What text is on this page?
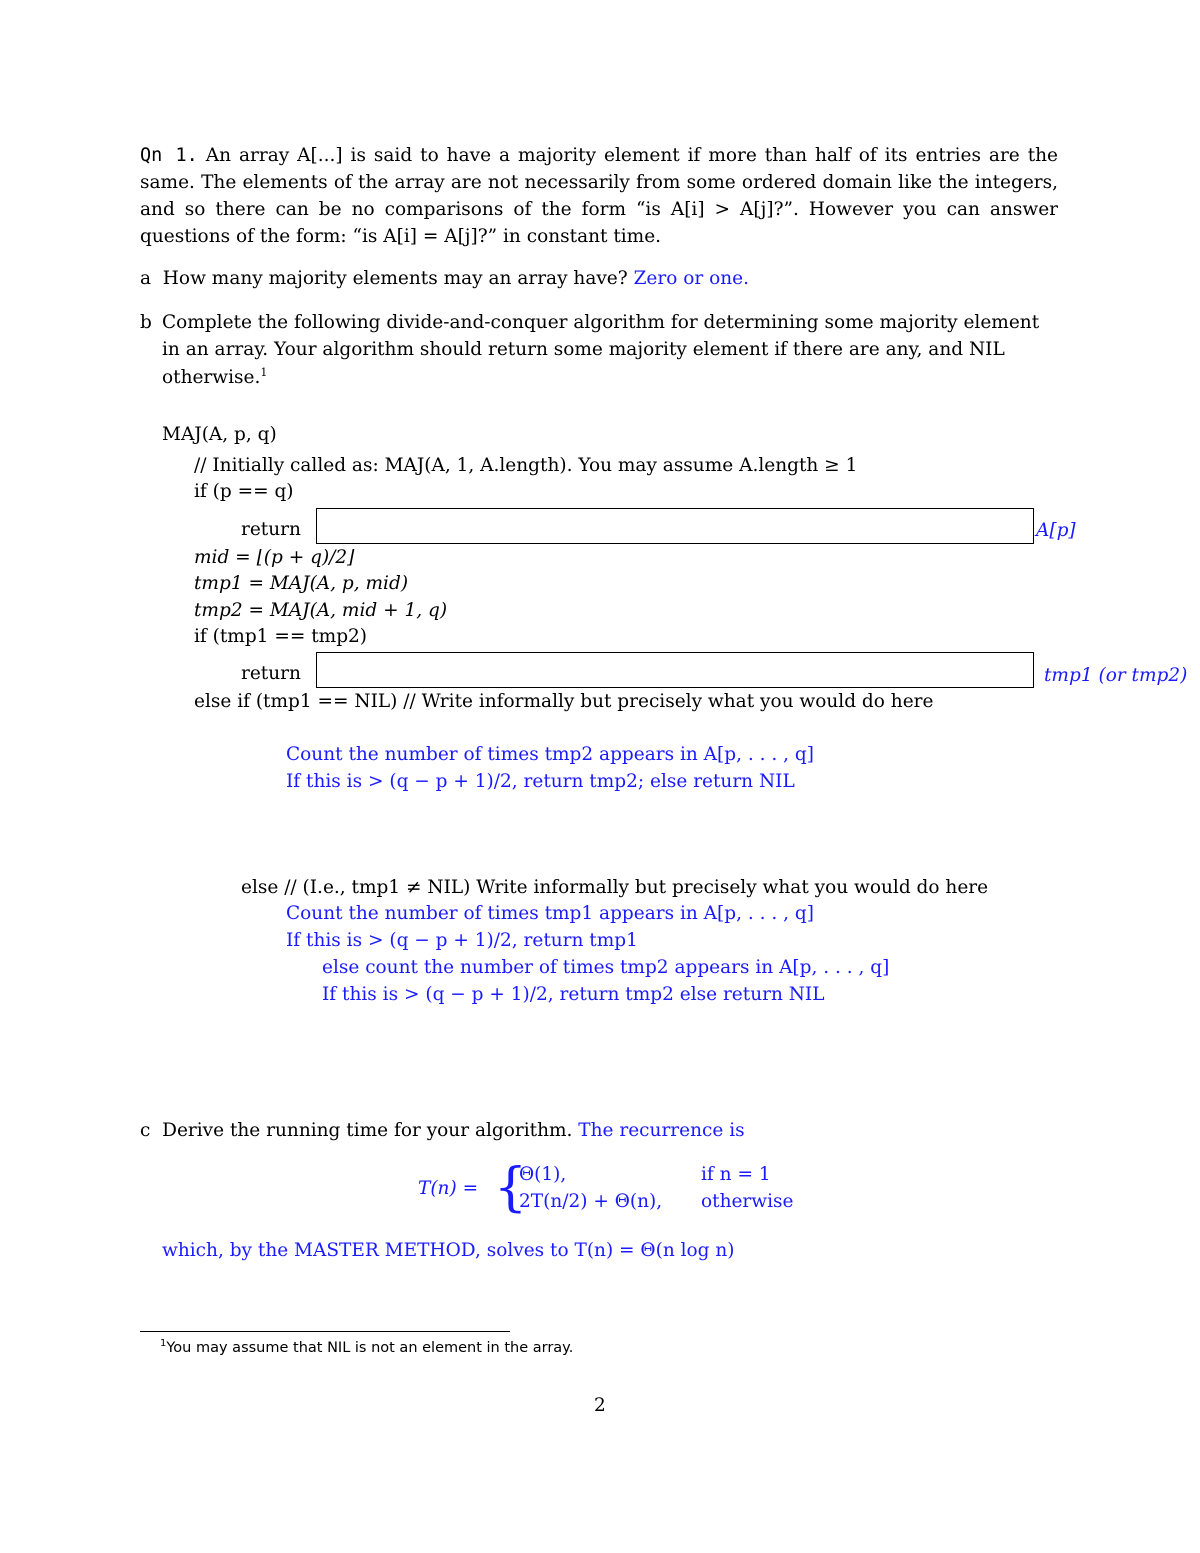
Qn 1. An array A[...] is said to have a majority element if more than half of its entries are the same. The elements of the array are not necessarily from some ordered domain like the integers, and so there can be no comparisons of the form “is A[i] > A[j]?”. However you can answer questions of the form: “is A[i] = A[j]?” in constant time.
a How many majority elements may an array have? Zero or one.
b Complete the following divide-and-conquer algorithm for determining some majority element
in an array. Your algorithm should return some majority element if there are any, and NIL
otherwise.$^1$
MAJ(A, p, q)
// Initially called as: MAJ(A, 1, A.length). You may assume A.length ≥ 1
if (p == q)
return	A[p]
mid = ⌊(p + q)/2⌋
tmp1 = MAJ(A, p, mid)
tmp2 = MAJ(A, mid + 1, q)
if (tmp1 == tmp2)
return	tmp1 (or tmp2)
else if (tmp1 == NIL) // Write informally but precisely what you would do here
Count the number of times tmp2 appears in A[p, . . . , q]
If this is > (q − p + 1)/2, return tmp2; else return NIL
else // (I.e., tmp1 ≠ NIL) Write informally but precisely what you would do here
Count the number of times tmp1 appears in A[p, . . . , q]
If this is > (q − p + 1)/2, return tmp1
else count the number of times tmp2 appears in A[p, . . . , q]
If this is > (q − p + 1)/2, return tmp2 else return NIL
c Derive the running time for your algorithm. The recurrence is
T(n) = {
Θ(1),	if n = 1
2T(n/2) + Θ(n), otherwise
which, by the MASTER METHOD, solves to T(n) = Θ(n log n)
$^1$You may assume that NIL is not an element in the array.
2
